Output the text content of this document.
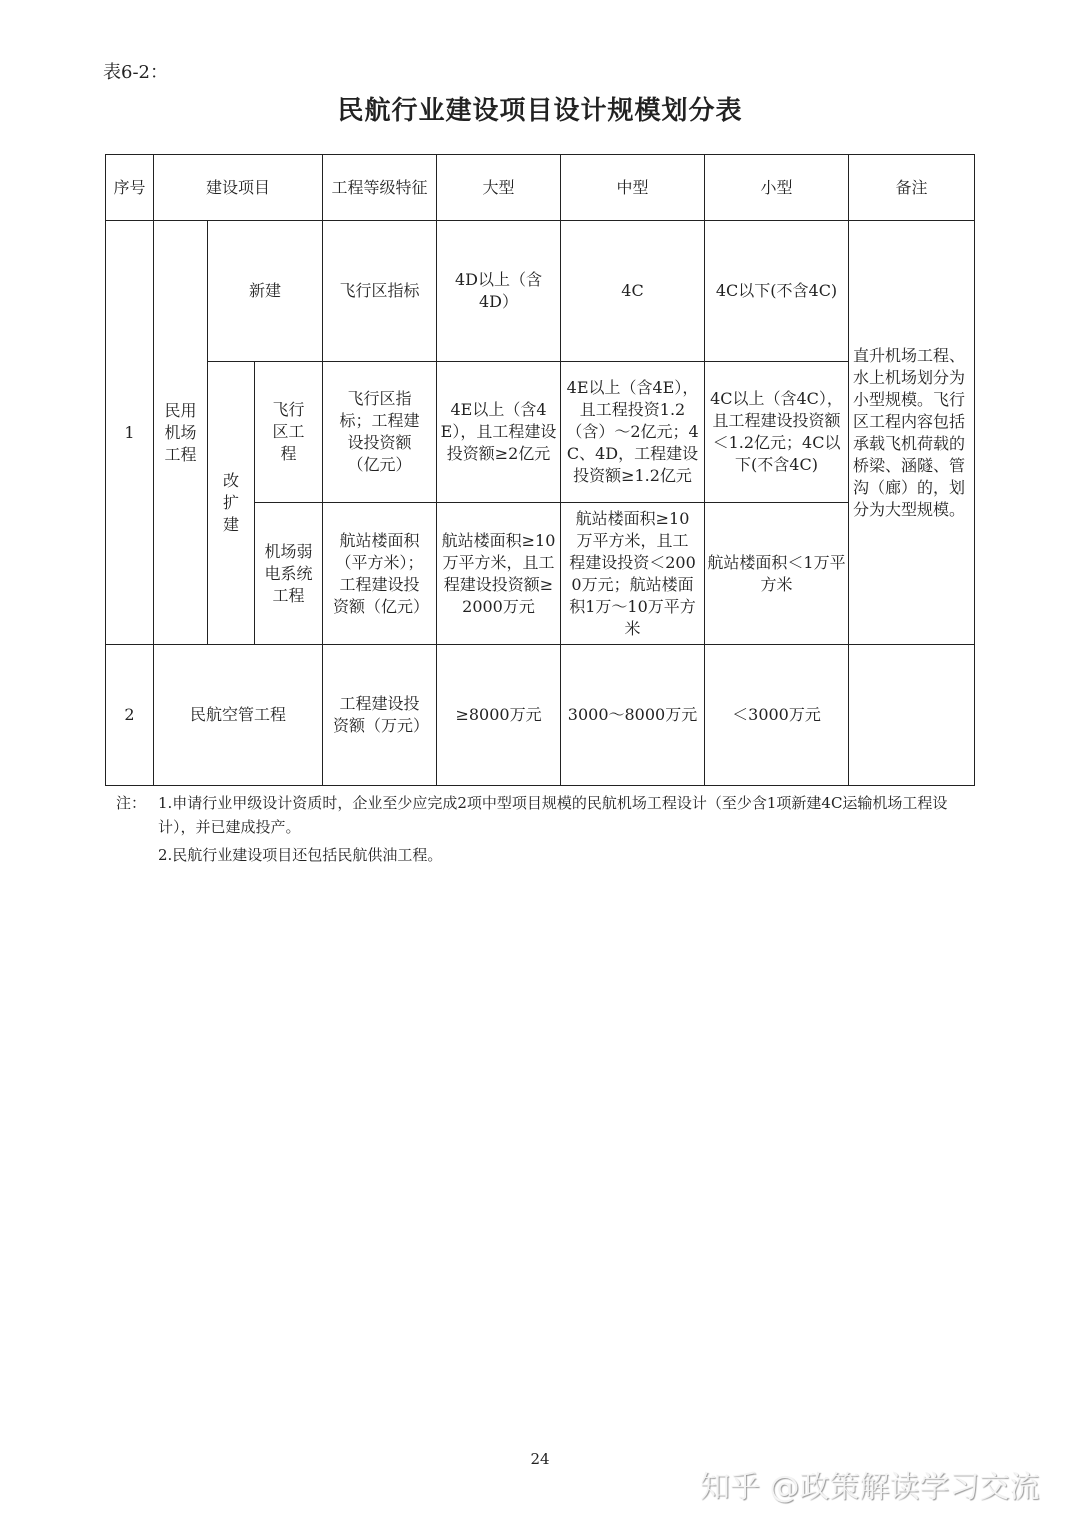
表6-2：
民航行业建设项目设计规模划分表
序号	建设项目			工程等级特征	大型	中型	小型	备注
1	民用机场工程	新建		飞行区指标	4D以上（含4D）	4C	4C以下(不含4C)	直升机场工程、水上机场划分为小型规模。飞行区工程内容包括承载飞机荷载的桥梁、涵隧、管沟（廊）的，划分为大型规模。
		改扩建	飞行区工程	飞行区指标；工程建设投资额（亿元）	4E以上（含4E），且工程建设投资额≥2亿元	4E以上（含4E），且工程投资1.2（含）～2亿元；4C、4D，工程建设投资额≥1.2亿元	4C以上（含4C），且工程建设投资额＜1.2亿元；4C以下(不含4C)	
			机场弱电系统工程	航站楼面积（平方米）；工程建设投资额（亿元）	航站楼面积≥10万平方米，且工程建设投资额≥2000万元	航站楼面积≥10万平方米，且工程建设投资＜2000万元；航站楼面积1万～10万平方米	航站楼面积＜1万平方米	
2	民航空管工程			工程建设投资额（万元）	≥8000万元	3000～8000万元	＜3000万元	
注： 1.申请行业甲级设计资质时，企业至少应完成2项中型项目规模的民航机场工程设计（至少含1项新建4C运输机场工程设计），并已建成投产。
2.民航行业建设项目还包括民航供油工程。
24
知乎 @政策解读学习交流
